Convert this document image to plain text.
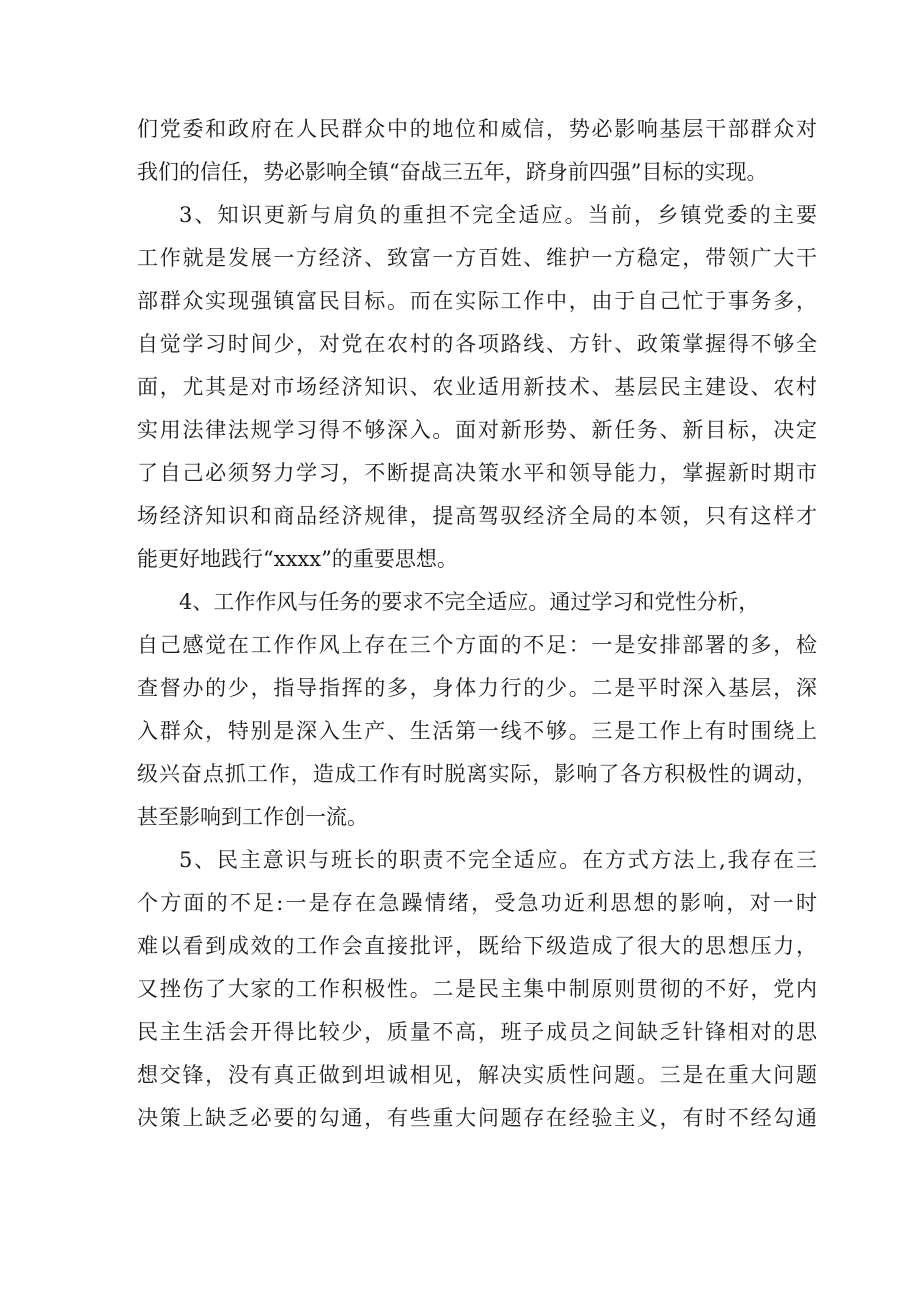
们党委和政府在人民群众中的地位和威信，势必影响基层干部群众对
我们的信任，势必影响全镇“奋战三五年，跻身前四强”目标的实现。
3、知识更新与肩负的重担不完全适应。当前，乡镇党委的主要
工作就是发展一方经济、致富一方百姓、维护一方稳定，带领广大干
部群众实现强镇富民目标。而在实际工作中，由于自己忙于事务多，
自觉学习时间少，对党在农村的各项路线、方针、政策掌握得不够全
面，尤其是对市场经济知识、农业适用新技术、基层民主建设、农村
实用法律法规学习得不够深入。面对新形势、新任务、新目标，决定
了自己必须努力学习，不断提高决策水平和领导能力，掌握新时期市
场经济知识和商品经济规律，提高驾驭经济全局的本领，只有这样才
能更好地践行“xxxx”的重要思想。
4、工作作风与任务的要求不完全适应。通过学习和党性分析，
自己感觉在工作作风上存在三个方面的不足：一是安排部署的多，检
查督办的少，指导指挥的多，身体力行的少。二是平时深入基层，深
入群众，特别是深入生产、生活第一线不够。三是工作上有时围绕上
级兴奋点抓工作，造成工作有时脱离实际，影响了各方积极性的调动，
甚至影响到工作创一流。
5、民主意识与班长的职责不完全适应。在方式方法上,我存在三
个方面的不足:一是存在急躁情绪，受急功近利思想的影响，对一时
难以看到成效的工作会直接批评，既给下级造成了很大的思想压力，
又挫伤了大家的工作积极性。二是民主集中制原则贯彻的不好，党内
民主生活会开得比较少，质量不高，班子成员之间缺乏针锋相对的思
想交锋，没有真正做到坦诚相见，解决实质性问题。三是在重大问题
决策上缺乏必要的勾通，有些重大问题存在经验主义，有时不经勾通
